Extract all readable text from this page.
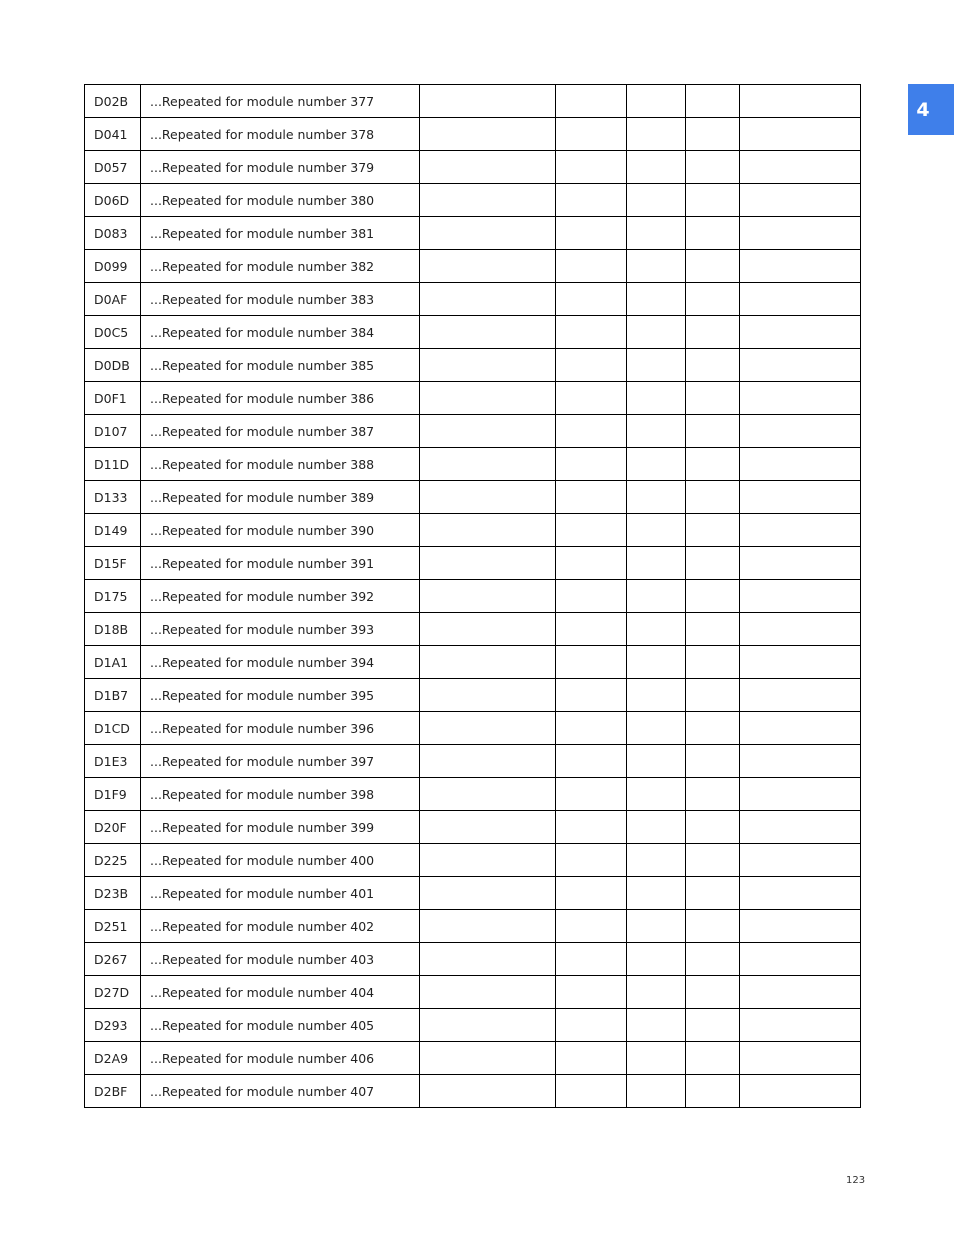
4
D02B	...Repeated for module number 377					
D041	...Repeated for module number 378					
D057	...Repeated for module number 379					
D06D	...Repeated for module number 380					
D083	...Repeated for module number 381					
D099	...Repeated for module number 382					
D0AF	...Repeated for module number 383					
D0C5	...Repeated for module number 384					
D0DB	...Repeated for module number 385					
D0F1	...Repeated for module number 386					
D107	...Repeated for module number 387					
D11D	...Repeated for module number 388					
D133	...Repeated for module number 389					
D149	...Repeated for module number 390					
D15F	...Repeated for module number 391					
D175	...Repeated for module number 392					
D18B	...Repeated for module number 393					
D1A1	...Repeated for module number 394					
D1B7	...Repeated for module number 395					
D1CD	...Repeated for module number 396					
D1E3	...Repeated for module number 397					
D1F9	...Repeated for module number 398					
D20F	...Repeated for module number 399					
D225	...Repeated for module number 400					
D23B	...Repeated for module number 401					
D251	...Repeated for module number 402					
D267	...Repeated for module number 403					
D27D	...Repeated for module number 404					
D293	...Repeated for module number 405					
D2A9	...Repeated for module number 406					
D2BF	...Repeated for module number 407					
123
